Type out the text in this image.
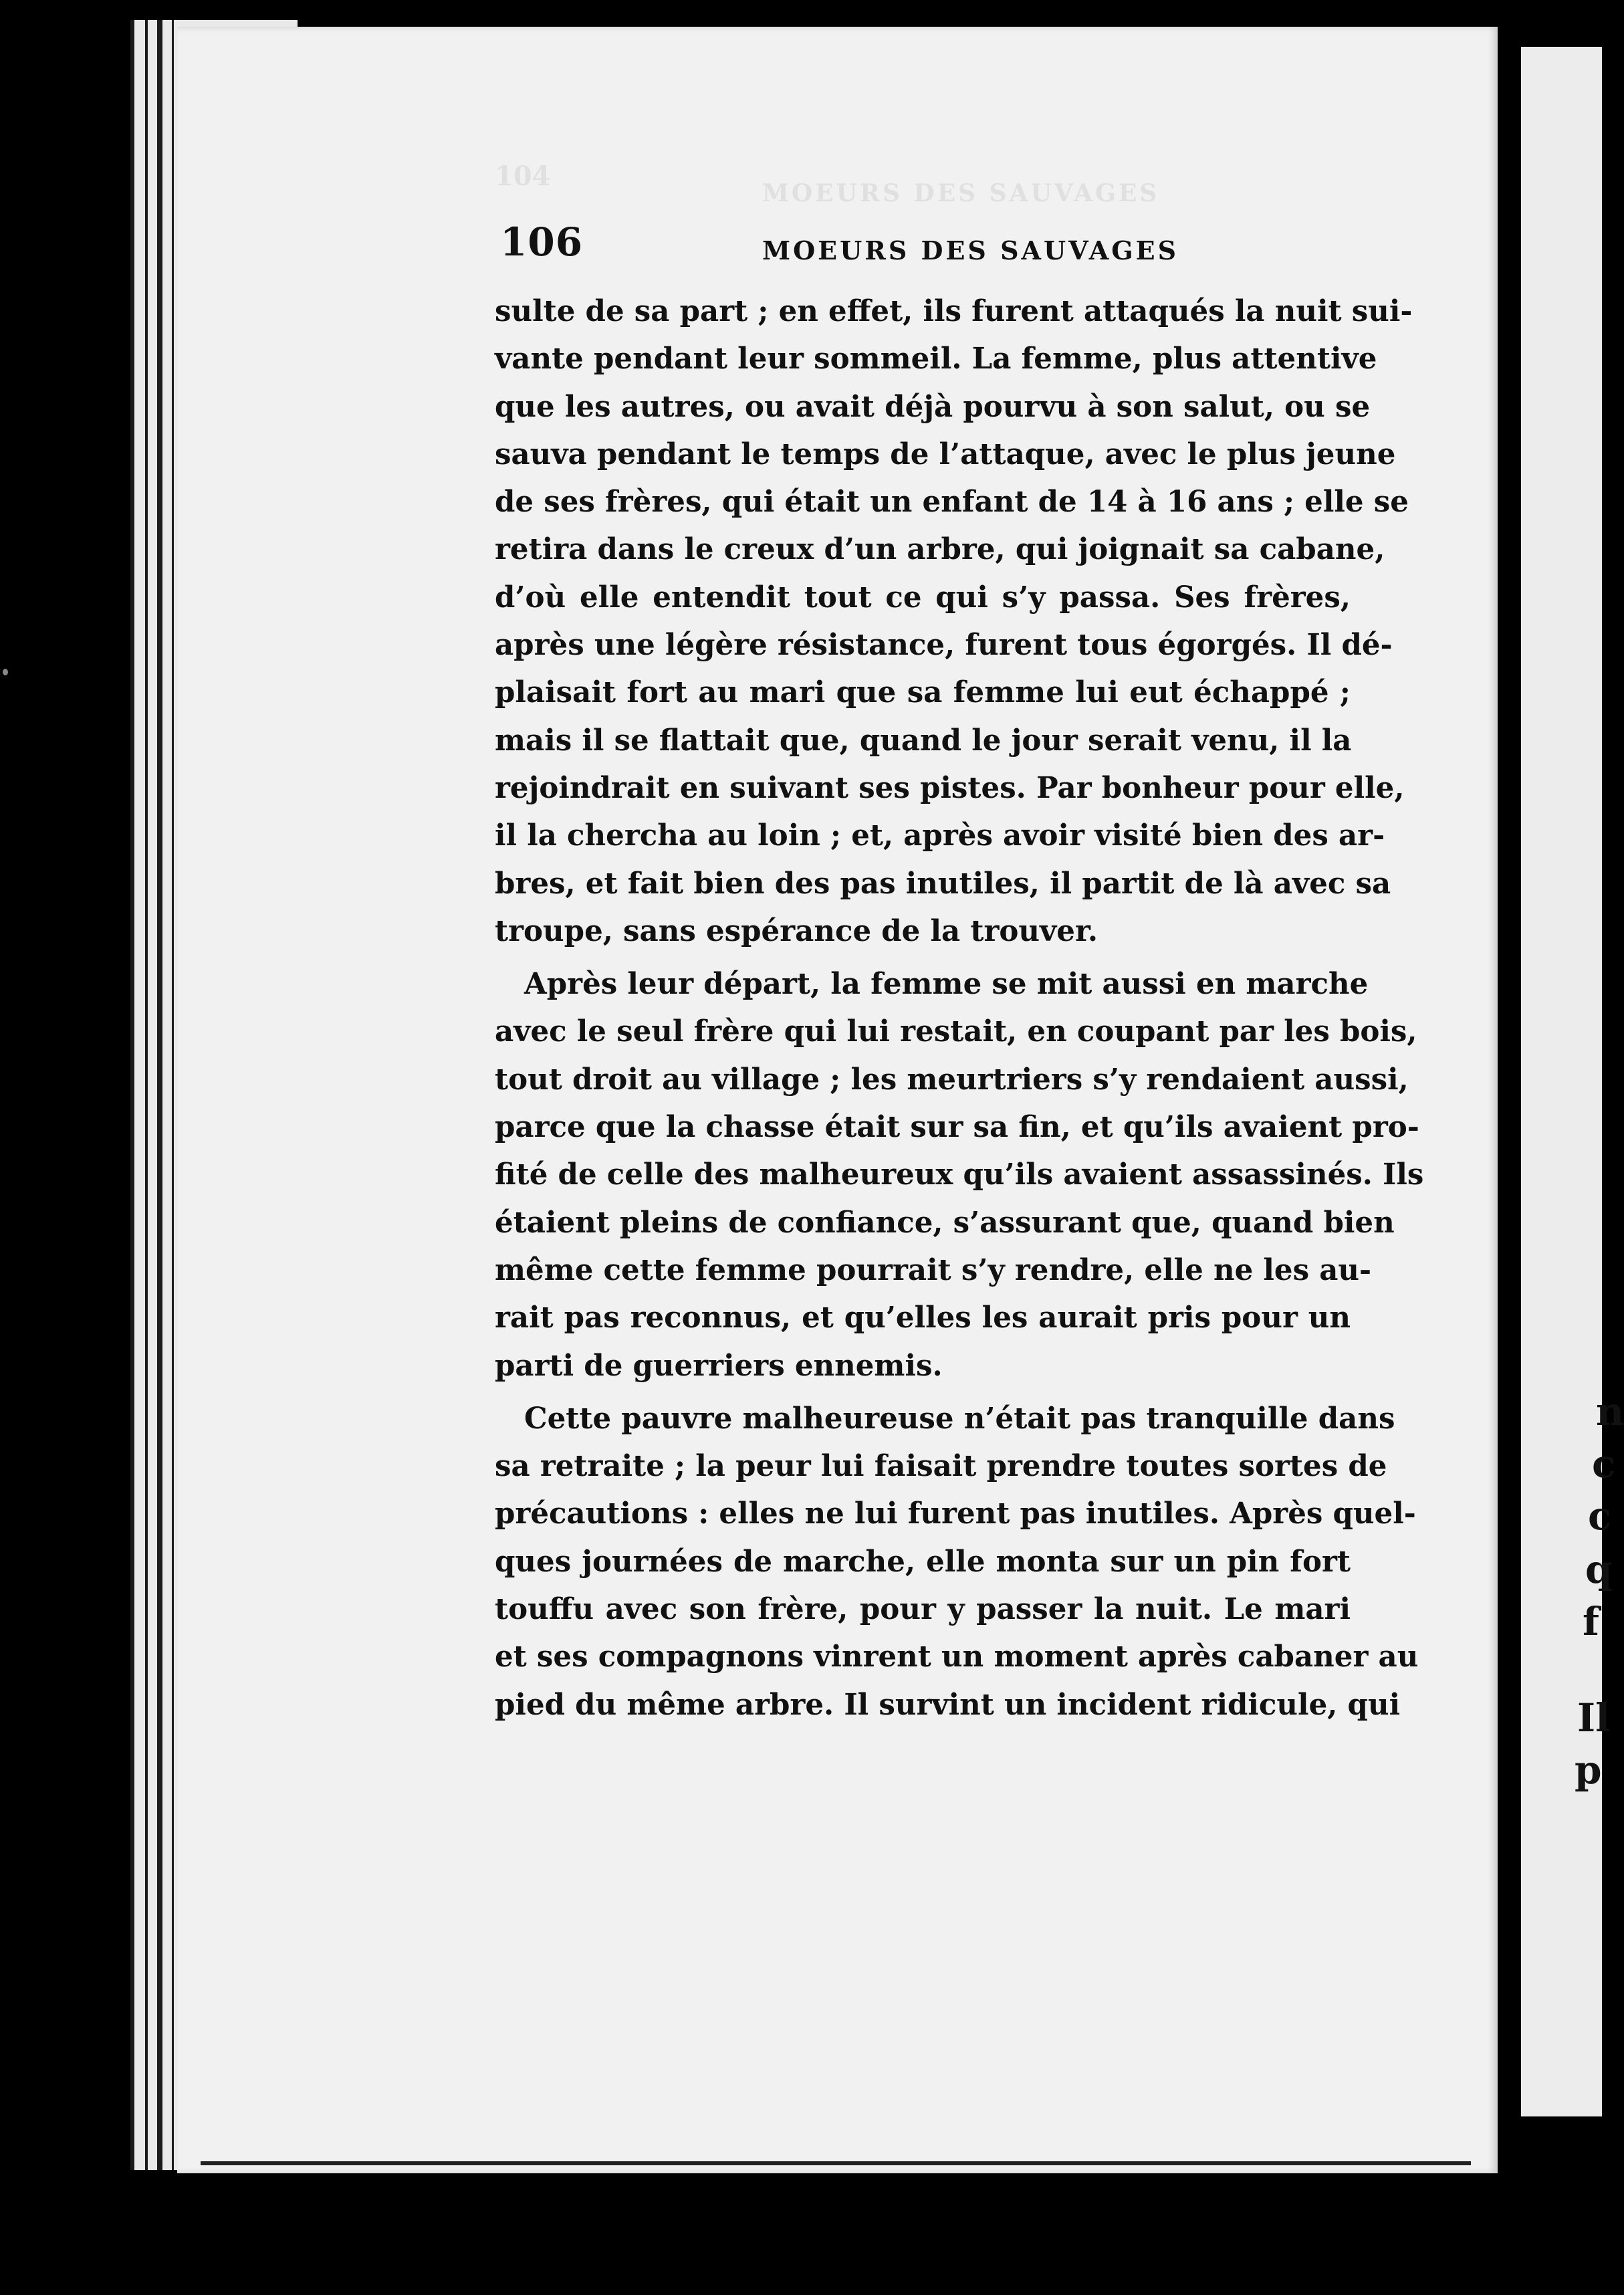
106	MOEURS DES SAUVAGES
sulte de sa part ; en effet, ils furent attaqués la nuit sui-
vante pendant leur sommeil. La femme, plus attentive
que les autres, ou avait déjà pourvu à son salut, ou se
sauva pendant le temps de l’attaque, avec le plus jeune
de ses frères, qui était un enfant de 14 à 16 ans ; elle se
retira dans le creux d’un arbre, qui joignait sa cabane,
d’où elle entendit tout ce qui s’y passa. Ses frères,
après une légère résistance, furent tous égorgés. Il dé-
plaisait fort au mari que sa femme lui eut échappé ;
mais il se flattait que, quand le jour serait venu, il la
rejoindrait en suivant ses pistes. Par bonheur pour elle,
il la chercha au loin ; et, après avoir visité bien des ar-
bres, et fait bien des pas inutiles, il partit de là avec sa
troupe, sans espérance de la trouver.
Après leur départ, la femme se mit aussi en marche
avec le seul frère qui lui restait, en coupant par les bois,
tout droit au village ; les meurtriers s’y rendaient aussi,
parce que la chasse était sur sa fin, et qu’ils avaient pro-
fité de celle des malheureux qu’ils avaient assassinés. Ils
étaient pleins de confiance, s’assurant que, quand bien
même cette femme pourrait s’y rendre, elle ne les au-
rait pas reconnus, et qu’elles les aurait pris pour un
parti de guerriers ennemis.
Cette pauvre malheureuse n’était pas tranquille dans
sa retraite ; la peur lui faisait prendre toutes sortes de
précautions : elles ne lui furent pas inutiles. Après quel-
ques journées de marche, elle monta sur un pin fort
touffu avec son frère, pour y passer la nuit. Le mari
et ses compagnons vinrent un moment après cabaner au
pied du même arbre. Il survint un incident ridicule, qui
n
c
c
q
f
Il
p
